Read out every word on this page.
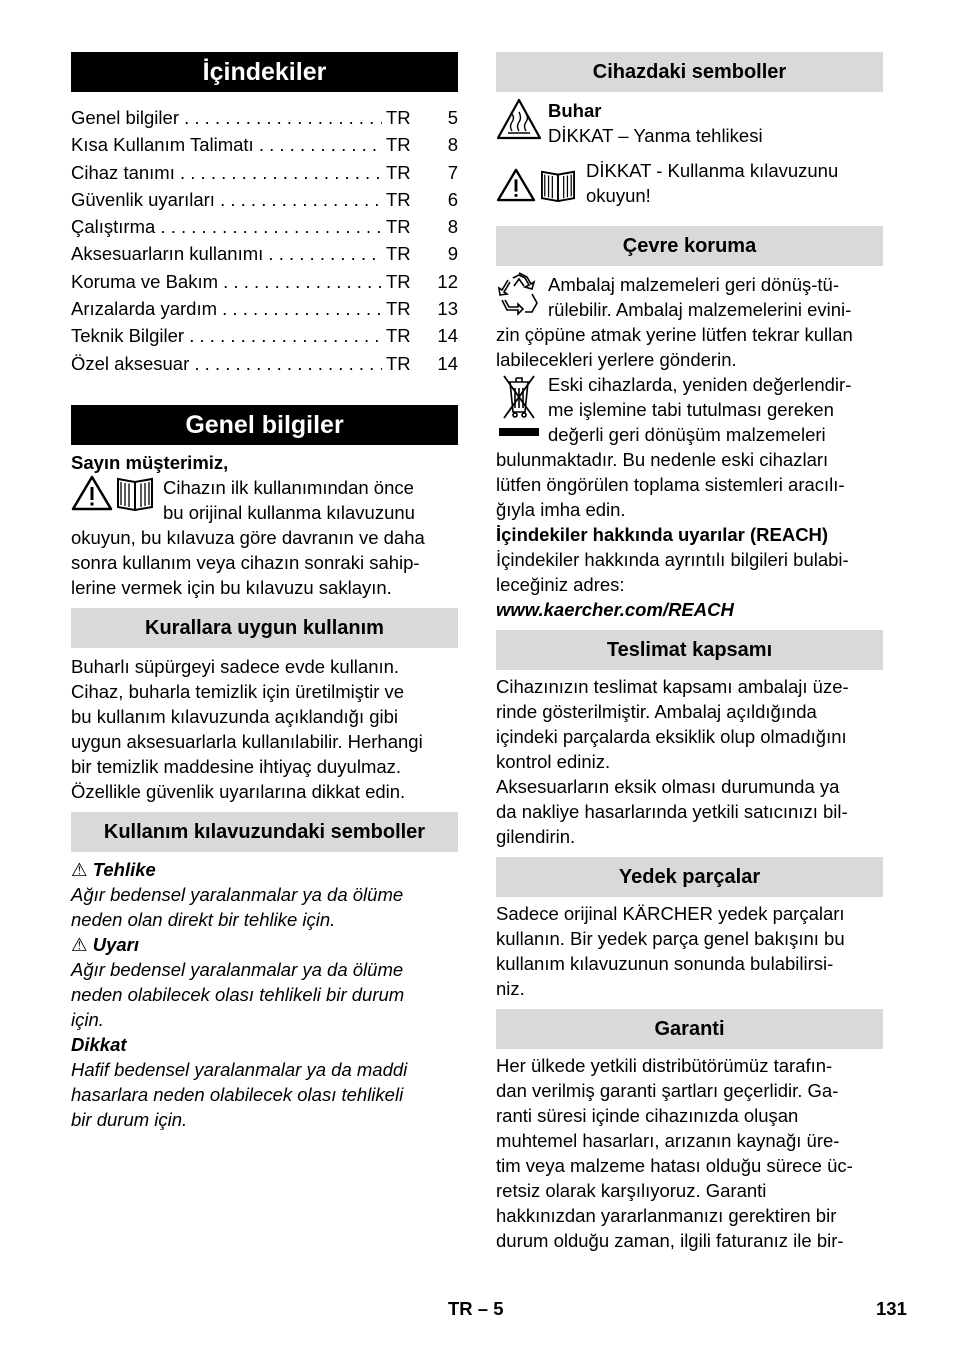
İçindekiler
Genel bilgiler . . .	TR	5
Kısa Kullanım Talimatı . . .	TR	8
Cihaz tanımı . . .	TR	7
Güvenlik uyarıları . . .	TR	6
Çalıştırma . . .	TR	8
Aksesuarların kullanımı . . .	TR	9
Koruma ve Bakım . . .	TR	12
Arızalarda yardım . . .	TR	13
Teknik Bilgiler . . .	TR	14
Özel aksesuar . . .	TR	14
Genel bilgiler

Sayın müşterimiz,

Cihazın ilk kullanımından önce

bu orijinal kullanma kılavuzunu

okuyun, bu kılavuza göre davranın ve daha

sonra kullanım veya cihazın sonraki sahip-

lerine vermek için bu kılavuzu saklayın.

Kurallara uygun kullanım

Buharlı süpürgeyi sadece evde kullanın.

Cihaz, buharla temizlik için üretilmiştir ve

bu kullanım kılavuzunda açıklandığı gibi

uygun aksesuarlarla kullanılabilir. Herhangi

bir temizlik maddesine ihtiyaç duyulmaz.

Özellikle güvenlik uyarılarına dikkat edin.

Kullanım kılavuzundaki semboller

⚠ Tehlike

Ağır bedensel yaralanmalar ya da ölüme

neden olan direkt bir tehlike için.

⚠ Uyarı

Ağır bedensel yaralanmalar ya da ölüme

neden olabilecek olası tehlikeli bir durum

için.

Dikkat

Hafif bedensel yaralanmalar ya da maddi

hasarlara neden olabilecek olası tehlikeli

bir durum için.

Cihazdaki semboller

Buhar

DİKKAT – Yanma tehlikesi

DİKKAT - Kullanma kılavuzunu

okuyun!

Çevre koruma

Ambalaj malzemeleri geri dönüş-tü-

rülebilir. Ambalaj malzemelerini evini-

zin çöpüne atmak yerine lütfen tekrar kullan

labilecekleri yerlere gönderin.

Eski cihazlarda, yeniden değerlendir-

me işlemine tabi tutulması gereken

değerli geri dönüşüm malzemeleri

bulunmaktadır. Bu nedenle eski cihazları

lütfen öngörülen toplama sistemleri aracılı-

ğıyla imha edin.

İçindekiler hakkında uyarılar (REACH)

İçindekiler hakkında ayrıntılı bilgileri bulabi-

leceğiniz adres:

www.kaercher.com/REACH

Teslimat kapsamı

Cihazınızın teslimat kapsamı ambalajı üze-

rinde gösterilmiştir. Ambalaj açıldığında

içindeki parçalarda eksiklik olup olmadığını

kontrol ediniz.

Aksesuarların eksik olması durumunda ya

da nakliye hasarlarında yetkili satıcınızı bil-

gilendirin.

Yedek parçalar

Sadece orijinal KÄRCHER yedek parçaları

kullanın. Bir yedek parça genel bakışını bu

kullanım kılavuzunun sonunda bulabilirsi-

niz.

Garanti

Her ülkede yetkili distribütörümüz tarafın-

dan verilmiş garanti şartları geçerlidir. Ga-

ranti süresi içinde cihazınızda oluşan

muhtemel hasarları, arızanın kaynağı üre-

tim veya malzeme hatası olduğu sürece üc-

retsiz olarak karşılıyoruz. Garanti

hakkınızdan yararlanmanızı gerektiren bir

durum olduğu zaman, ilgili faturanız ile bir-

TR – 5	131
